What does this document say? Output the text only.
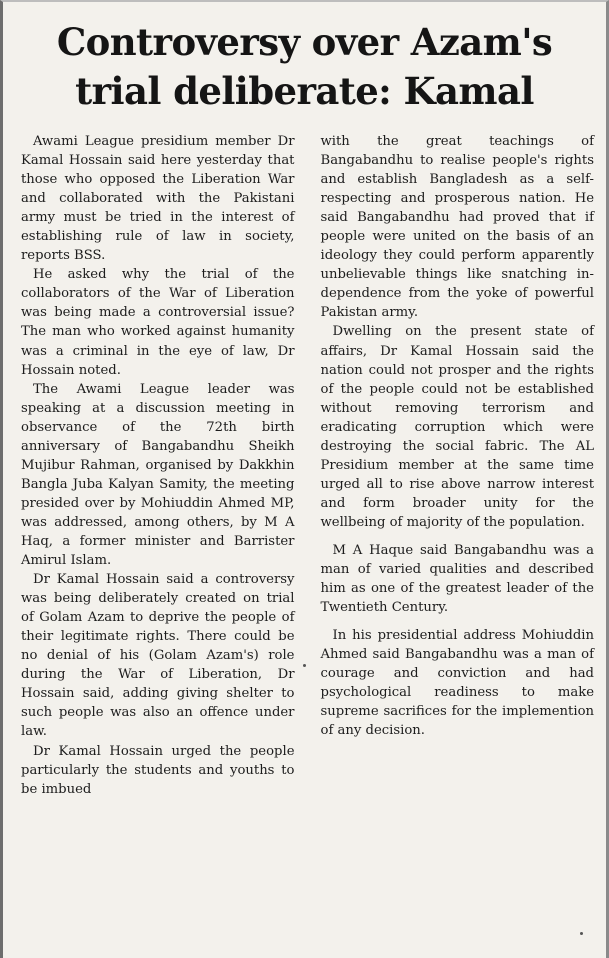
Controversy over Azam's
trial deliberate: Kamal

Awami League presidium member Dr Kamal Hossain said here yesterday that those who opposed the Liberation War and collaborated with the Pakistani army must be tried in the interest of establishing rule of law in society, reports BSS.

He asked why the trial of the collaborators of the War of Liberation was being made a controversial issue? The man who worked against humanity was a criminal in the eye of law, Dr Hossain noted.

The Awami League leader was speaking at a discussion meeting in observance of the 72th birth anniversary of Bangabandhu Sheikh Mujibur Rahman, organised by Dakkhin Bangla Juba Kalyan Samity, the meeting presided over by Mohiuddin Ahmed MP, was addressed, among others, by M A Haq, a former minister and Barrister Amirul Islam.

Dr Kamal Hossain said a controversy was being deliberately created on trial of Golam Azam to deprive the people of their legitimate rights. There could be no denial of his (Golam Azam's) role during the War of Liberation, Dr Hossain said, adding giving shelter to such people was also an offence under law.

Dr Kamal Hossain urged the people particularly the students and youths to be imbued

with the great teachings of Bangabandhu to realise people's rights and establish Bangladesh as a self-respecting and prosperous nation. He said Bangabandhu had proved that if people were united on the basis of an ideology they could perform apparently unbelievable things like snatching independence from the yoke of powerful Pakistan army.

Dwelling on the present state of affairs, Dr Kamal Hossain said the nation could not prosper and the rights of the people could not be established without removing terrorism and eradicating corruption which were destroying the social fabric. The AL Presidium member at the same time urged all to rise above narrow interest and form broader unity for the wellbeing of majority of the population.

M A Haque said Bangabandhu was a man of varied qualities and described him as one of the greatest leader of the Twentieth Century.

In his presidential address Mohiuddin Ahmed said Bangabandhu was a man of courage and conviction and had psychological readiness to make supreme sacrifices for the implemention of any decision.
